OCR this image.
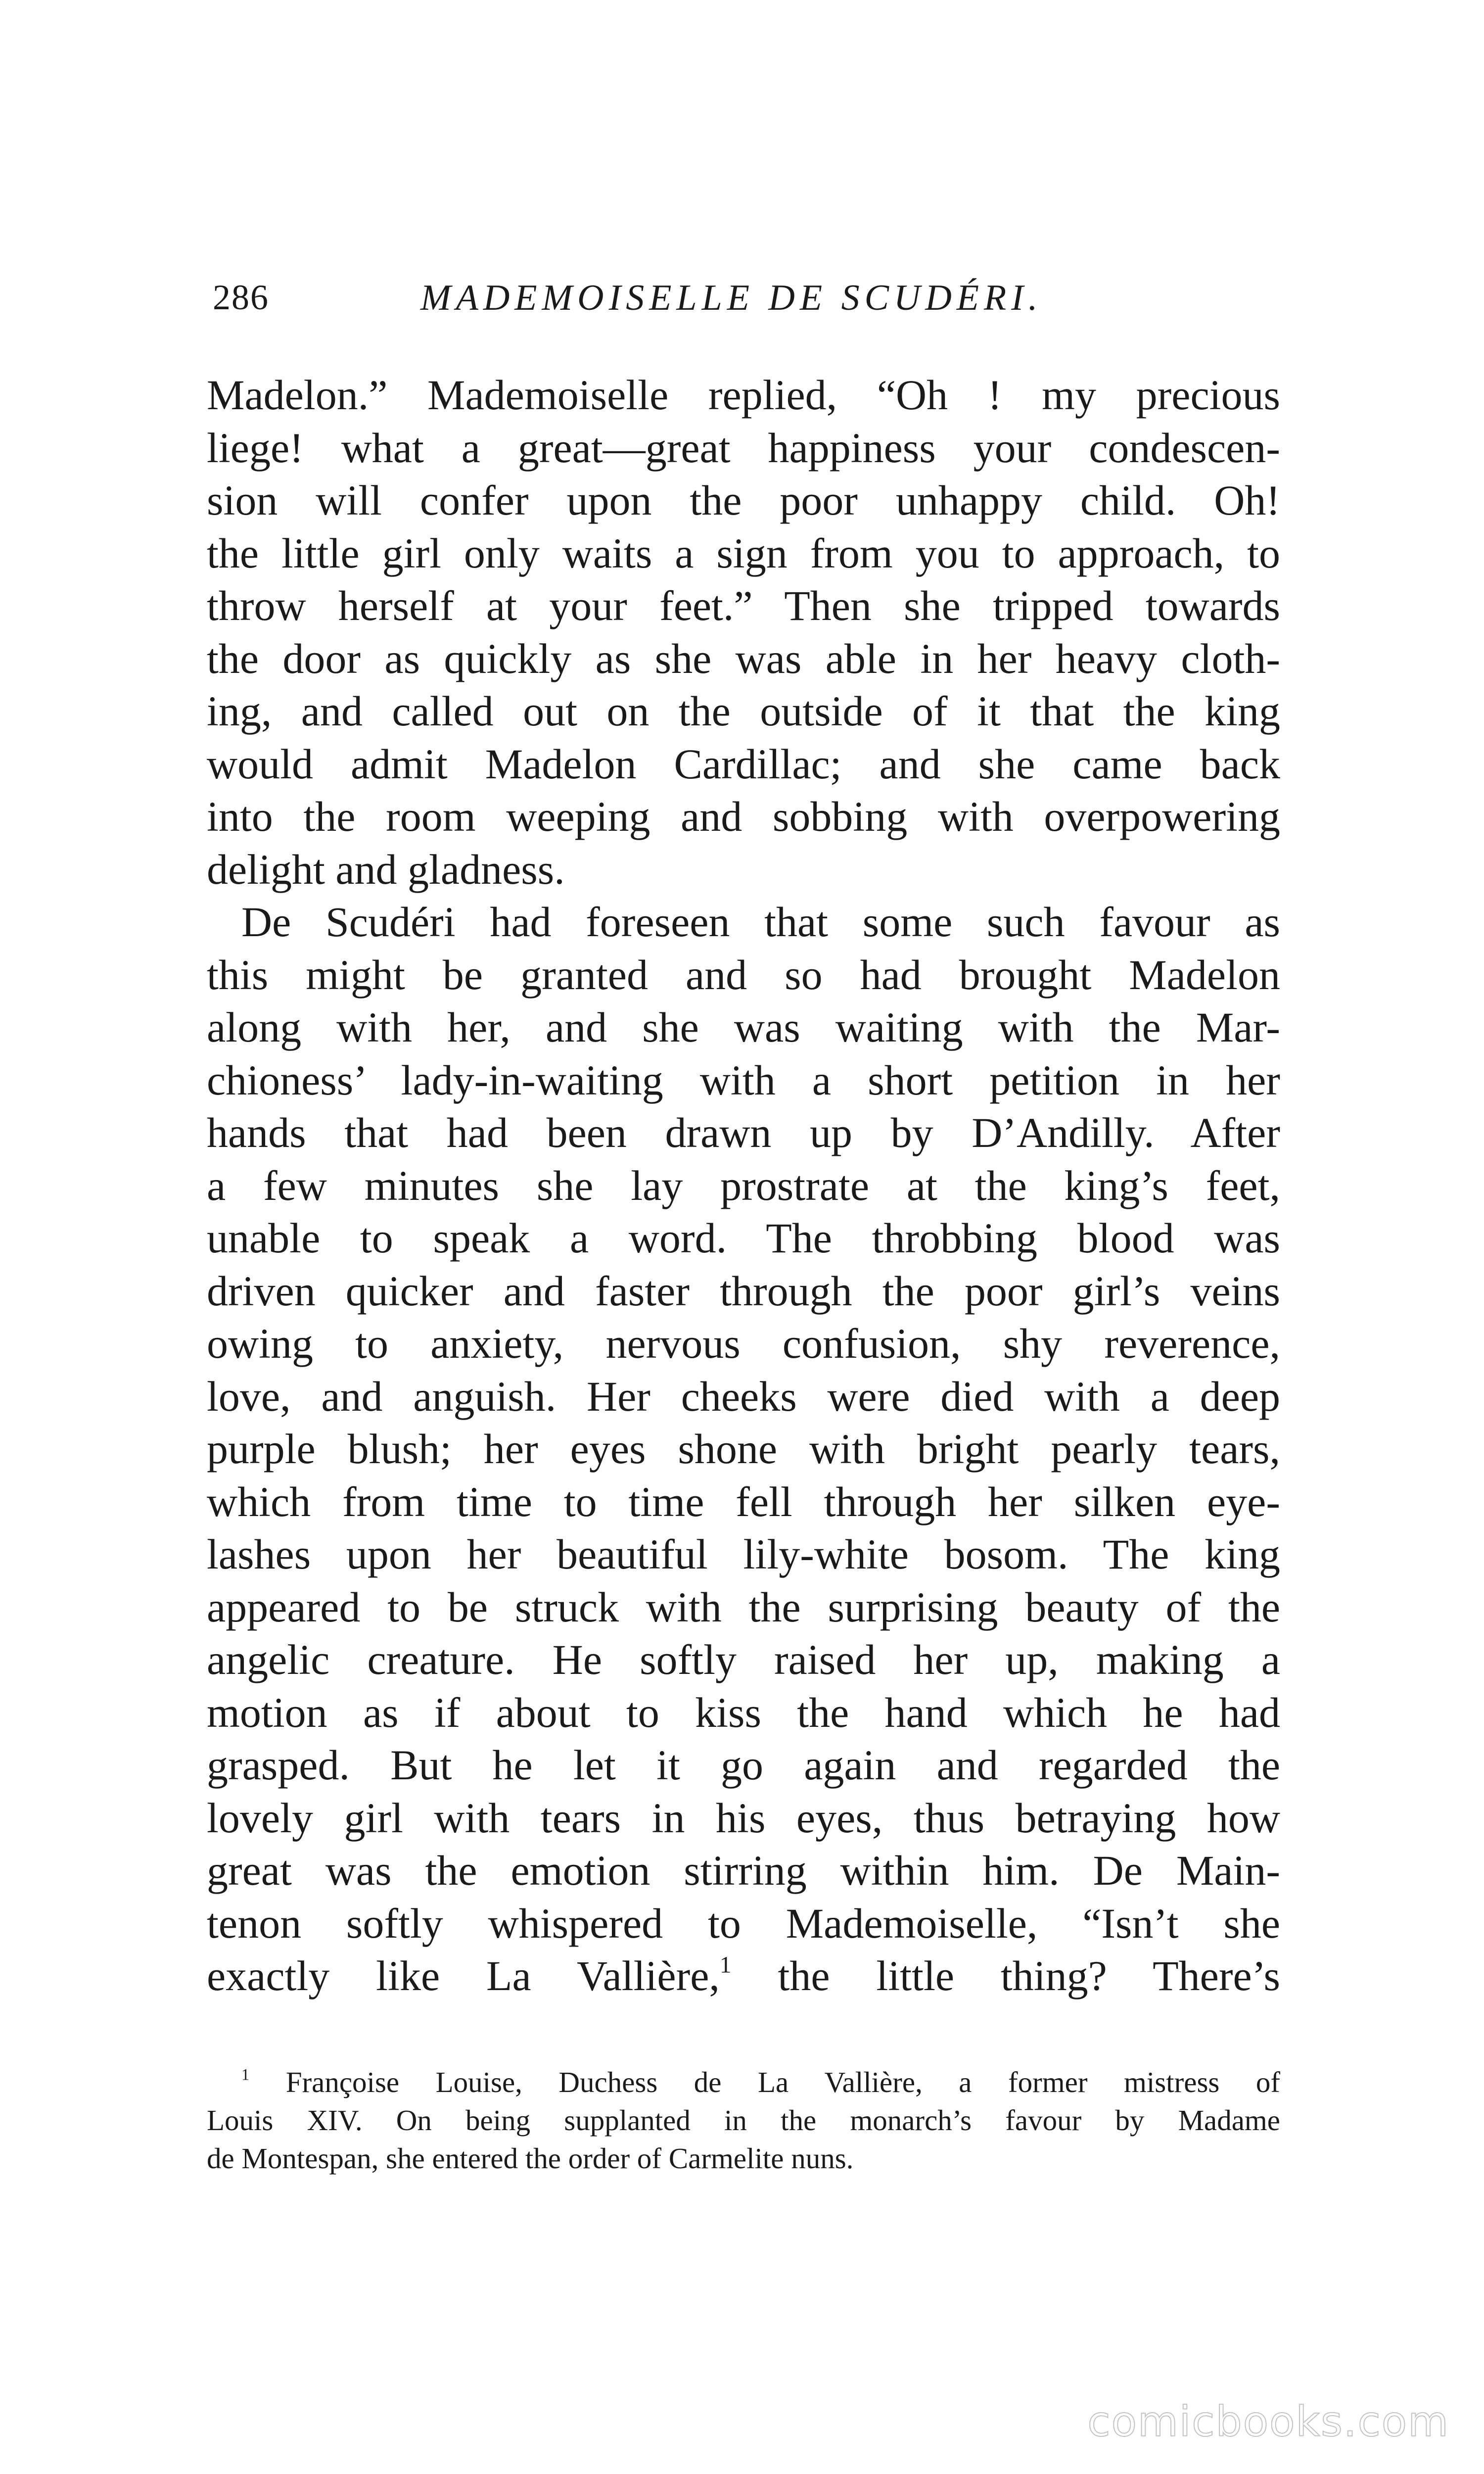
286	MADEMOISELLE DE SCUDÉRI.
Madelon.” Mademoiselle replied, “Oh ! my precious
liege! what a great—great happiness your condescen-
sion will confer upon the poor unhappy child. Oh!
the little girl only waits a sign from you to approach, to
throw herself at your feet.” Then she tripped towards
the door as quickly as she was able in her heavy cloth-
ing, and called out on the outside of it that the king
would admit Madelon Cardillac; and she came back
into the room weeping and sobbing with overpowering
delight and gladness.
De Scudéri had foreseen that some such favour as
this might be granted and so had brought Madelon
along with her, and she was waiting with the Mar-
chioness’ lady-in-waiting with a short petition in her
hands that had been drawn up by D’Andilly. After
a few minutes she lay prostrate at the king’s feet,
unable to speak a word. The throbbing blood was
driven quicker and faster through the poor girl’s veins
owing to anxiety, nervous confusion, shy reverence,
love, and anguish. Her cheeks were died with a deep
purple blush; her eyes shone with bright pearly tears,
which from time to time fell through her silken eye-
lashes upon her beautiful lily-white bosom. The king
appeared to be struck with the surprising beauty of the
angelic creature. He softly raised her up, making a
motion as if about to kiss the hand which he had
grasped. But he let it go again and regarded the
lovely girl with tears in his eyes, thus betraying how
great was the emotion stirring within him. De Main-
tenon softly whispered to Mademoiselle, “Isn’t she
exactly like La Vallière,$^1$ the little thing? There’s
$^1$ Françoise Louise, Duchess de La Vallière, a former mistress of
Louis XIV. On being supplanted in the monarch’s favour by Madame
de Montespan, she entered the order of Carmelite nuns.
comicbooks.com
